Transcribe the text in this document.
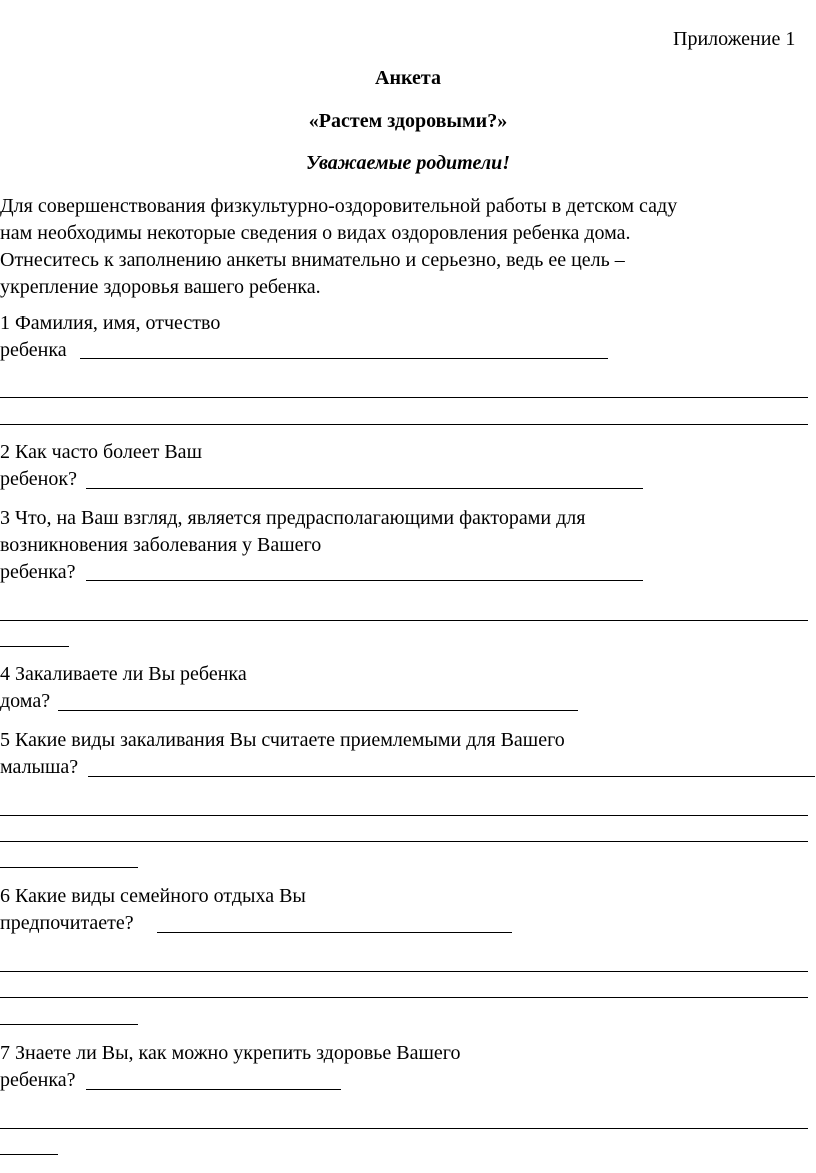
Приложение 1
Анкета
«Растем здоровыми?»
Уважаемые родители!
Для совершенствования физкультурно-оздоровительной работы в детском саду
нам необходимы некоторые сведения о видах оздоровления ребенка дома.
Отнеситесь к заполнению анкеты внимательно и серьезно, ведь ее цель –
укрепление здоровья вашего ребенка.
1 Фамилия, имя, отчество
ребенка
2 Как часто болеет Ваш
ребенок?
3 Что, на Ваш взгляд, является предрасполагающими факторами для
возникновения заболевания у Вашего
ребенка?
4 Закаливаете ли Вы ребенка
дома?
5 Какие виды закаливания Вы считаете приемлемыми для Вашего
малыша?
6 Какие виды семейного отдыха Вы
предпочитаете?
7 Знаете ли Вы, как можно укрепить здоровье Вашего
ребенка?
